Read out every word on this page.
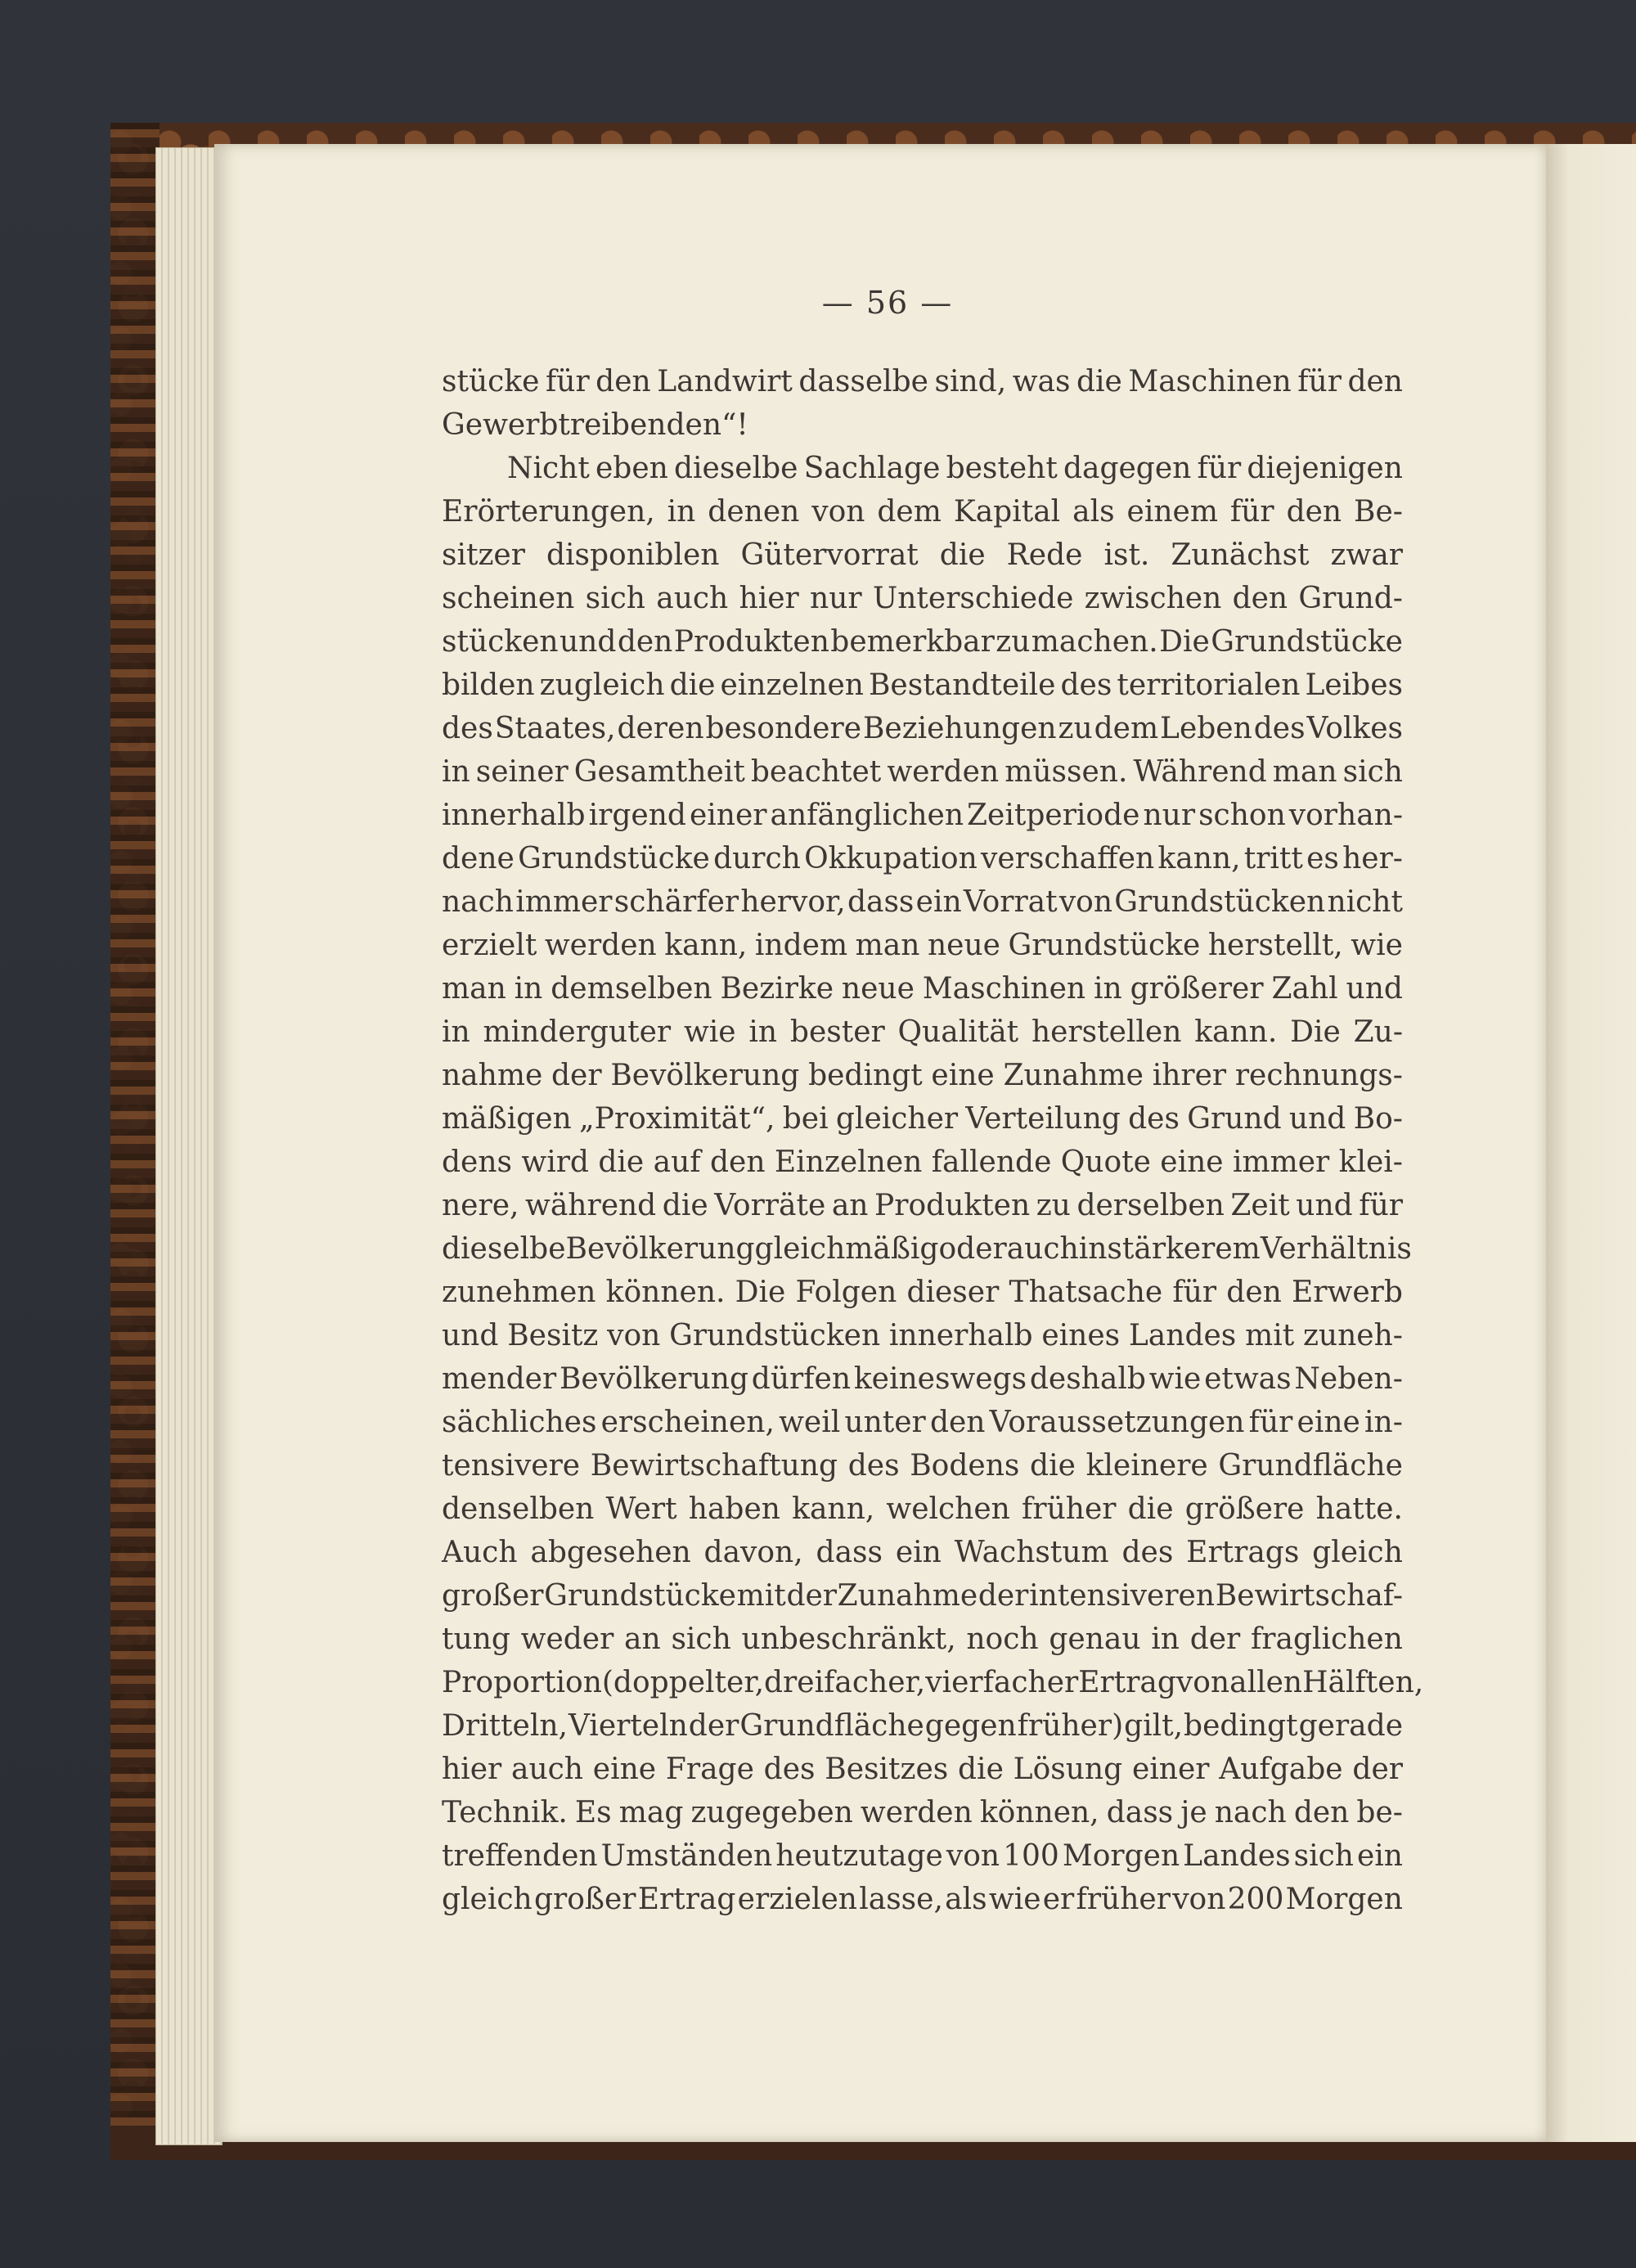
— 56 —
stücke für den Landwirt dasselbe sind, was die Maschinen für den
Gewerbtreibenden“!
Nicht eben dieselbe Sachlage besteht dagegen für diejenigen
Erörterungen, in denen von dem Kapital als einem für den Be-
sitzer disponiblen Gütervorrat die Rede ist. Zunächst zwar
scheinen sich auch hier nur Unterschiede zwischen den Grund-
stücken und den Produkten bemerkbar zu machen. Die Grundstücke
bilden zugleich die einzelnen Bestandteile des territorialen Leibes
des Staates, deren besondere Beziehungen zu dem Leben des Volkes
in seiner Gesamtheit beachtet werden müssen. Während man sich
innerhalb irgend einer anfänglichen Zeitperiode nur schon vorhan-
dene Grundstücke durch Okkupation verschaffen kann, tritt es her-
nach immer schärfer hervor, dass ein Vorrat von Grundstücken nicht
erzielt werden kann, indem man neue Grundstücke herstellt, wie
man in demselben Bezirke neue Maschinen in größerer Zahl und
in minderguter wie in bester Qualität herstellen kann. Die Zu-
nahme der Bevölkerung bedingt eine Zunahme ihrer rechnungs-
mäßigen „Proximität“, bei gleicher Verteilung des Grund und Bo-
dens wird die auf den Einzelnen fallende Quote eine immer klei-
nere, während die Vorräte an Produkten zu derselben Zeit und für
dieselbe Bevölkerung gleichmäßig oder auch in stärkerem Verhältnis
zunehmen können. Die Folgen dieser Thatsache für den Erwerb
und Besitz von Grundstücken innerhalb eines Landes mit zuneh-
mender Bevölkerung dürfen keineswegs deshalb wie etwas Neben-
sächliches erscheinen, weil unter den Voraussetzungen für eine in-
tensivere Bewirtschaftung des Bodens die kleinere Grundfläche
denselben Wert haben kann, welchen früher die größere hatte.
Auch abgesehen davon, dass ein Wachstum des Ertrags gleich
großer Grundstücke mit der Zunahme der intensiveren Bewirtschaf-
tung weder an sich unbeschränkt, noch genau in der fraglichen
Proportion (doppelter, dreifacher, vierfacher Ertrag von allen Hälften,
Dritteln, Vierteln der Grundfläche gegen früher) gilt, bedingt gerade
hier auch eine Frage des Besitzes die Lösung einer Aufgabe der
Technik. Es mag zugegeben werden können, dass je nach den be-
treffenden Umständen heutzutage von 100 Morgen Landes sich ein
gleich großer Ertrag erzielen lasse, als wie er früher von 200 Morgen
